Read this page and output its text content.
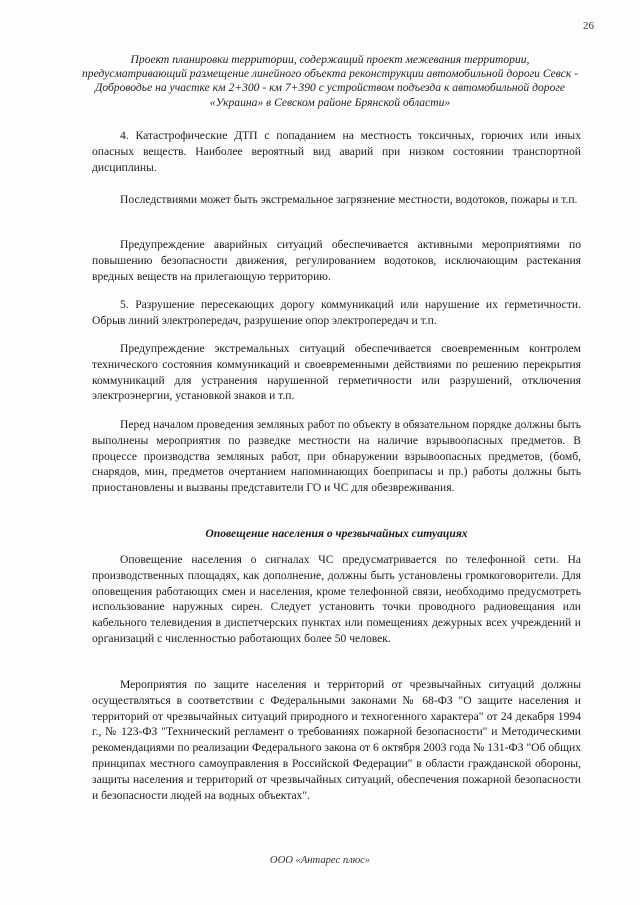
26
Проект планировки территории, содержащий проект межевания территории, предусматривающий размещение линейного объекта реконструкции автомобильной дороги Севск - Доброводье на участке км 2+300 - км 7+390 с устройством подъезда к автомобильной дороге «Украина» в Севском районе Брянской области»

4. Катастрофические ДТП с попаданием на местность токсичных, горючих или иных опасных веществ. Наиболее вероятный вид аварий при низком состоянии транспортной дисциплины.

Последствиями может быть экстремальное загрязнение местности, водотоков, пожары и т.п.

Предупреждение аварийных ситуаций обеспечивается активными мероприятиями по повышению безопасности движения, регулированием водотоков, исключающим растекания вредных веществ на прилегающую территорию.

5. Разрушение пересекающих дорогу коммуникаций или нарушение их герметичности. Обрыв линий электропередач, разрушение опор электропередач и т.п.

Предупреждение экстремальных ситуаций обеспечивается своевременным контролем технического состояния коммуникаций и своевременными действиями по решению перекрытия коммуникаций для устранения нарушенной герметичности или разрушений, отключения электроэнергии, установкой знаков и т.п.

Перед началом проведения земляных работ по объекту в обязательном порядке должны быть выполнены мероприятия по разведке местности на наличие взрывоопасных предметов. В процессе производства земляных работ, при обнаружении взрывоопасных предметов, (бомб, снарядов, мин, предметов очертанием напоминающих боеприпасы и пр.) работы должны быть приостановлены и вызваны представители ГО и ЧС для обезвреживания.

Оповещение населения о чрезвычайных ситуациях

Оповещение населения о сигналах ЧС предусматривается по телефонной сети. На производственных площадях, как дополнение, должны быть установлены громкоговорители. Для оповещения работающих смен и населения, кроме телефонной связи, необходимо предусмотреть использование наружных сирен. Следует установить точки проводного радиовещания или кабельного телевидения в диспетчерских пунктах или помещениях дежурных всех учреждений и организаций с численностью работающих более 50 человек.

Мероприятия по защите населения и территорий от чрезвычайных ситуаций должны осуществляться в соответствии с Федеральными законами № 68-ФЗ "О защите населения и территорий от чрезвычайных ситуаций природного и техногенного характера" от 24 декабря 1994 г., № 123-ФЗ "Технический регламент о требованиях пожарной безопасности" и Методическими рекомендациями по реализации Федерального закона от 6 октября 2003 года № 131-ФЗ "Об общих принципах местного самоуправления в Российской Федерации" в области гражданской обороны, защиты населения и территорий от чрезвычайных ситуаций, обеспечения пожарной безопасности и безопасности людей на водных объектах".

ООО «Антарес плюс»
